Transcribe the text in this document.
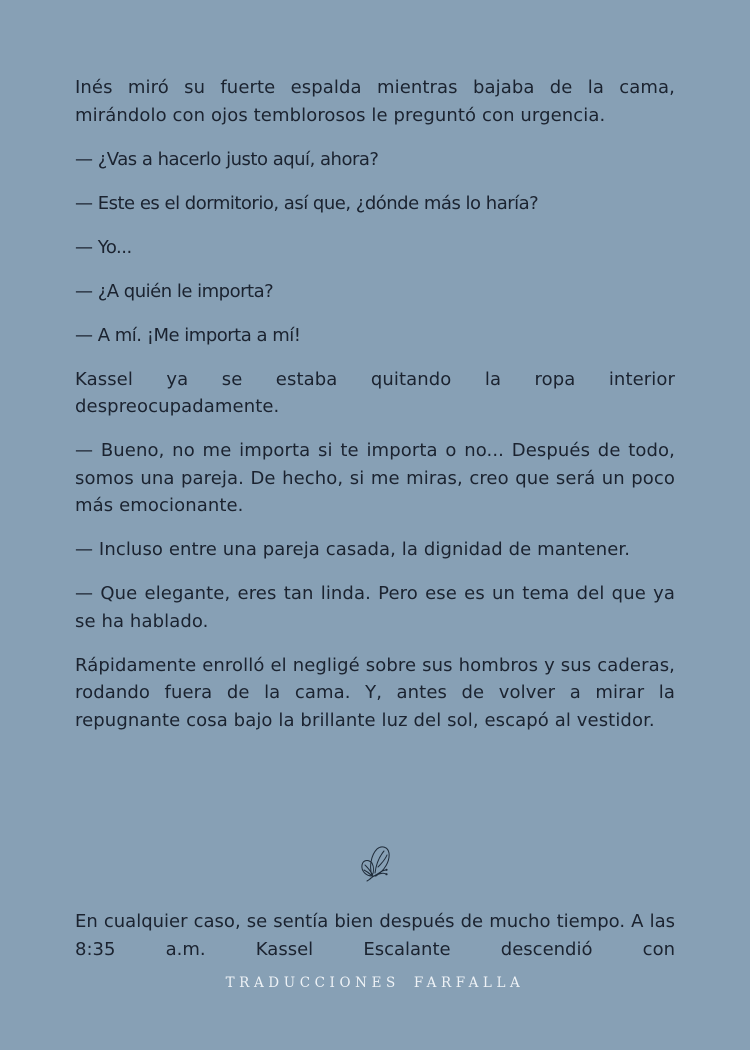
Inés miró su fuerte espalda mientras bajaba de la cama, mirándolo con ojos temblorosos le preguntó con urgencia.

— ¿Vas a hacerlo justo aquí, ahora?

— Este es el dormitorio, así que, ¿dónde más lo haría?

— Yo...

— ¿A quién le importa?

— A mí. ¡Me importa a mí!

Kassel ya se estaba quitando la ropa interior despreocupadamente.

— Bueno, no me importa si te importa o no... Después de todo, somos una pareja. De hecho, si me miras, creo que será un poco más emocionante.

— Incluso entre una pareja casada, la dignidad de mantener.

— Que elegante, eres tan linda. Pero ese es un tema del que ya se ha hablado.

Rápidamente enrolló el negligé sobre sus hombros y sus caderas, rodando fuera de la cama. Y, antes de volver a mirar la repugnante cosa bajo la brillante luz del sol, escapó al vestidor.

En cualquier caso, se sentía bien después de mucho tiempo. A las 8:35 a.m. Kassel Escalante descendió con

TRADUCCIONES FARFALLA
